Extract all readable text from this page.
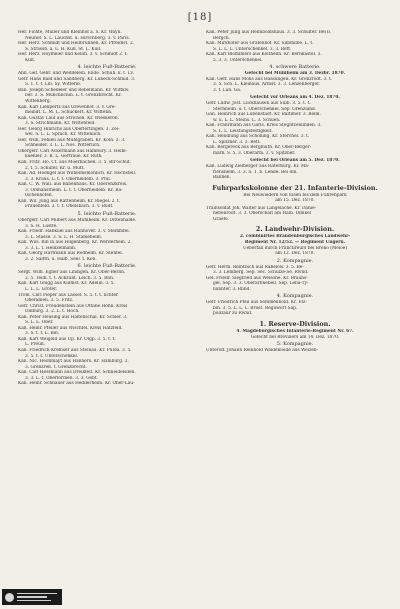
[18]
Her. Fichte, Müller und Kleinhof a. S. Kr. Wayn.
Neuhof. S. L. Lauchst. u. Hirschberg. 3. v. Paris.
Her. Herz. Schmidt und Heilbrunnen. Kr. Pfreidlst. 2.
S. Strassb. a. u. H. Kull. St. L. Kuil.
Her. Herz. Hoymeier und Kellin. 3. v. Schmidt 2. t.
Kult.
4. leichte Fuß-Batterie.
Ahn. Gef. Gebr. und Weddelein. Ende. Schuh. k. t. Lv.
Gefr. Hans Bald und Sandberg. Kr. Lübeck-Schmid. 3.
S. 1. t. t. Lib. Sy. Witterie.
Ban. Joseph Schedeler und Rebelmann. Kr. Wittkw.
ber. 3. S. Münchlichin. L. t. Grenzbrecht. Kr.
Wittenberg.
Kan. Karl Lienpertz aus Grevenhof. 3. v. Gre-
meindt. L. M. L. Schuckert. Kr. Wittenh.
Kan. Gustav Lauf aus Strichen. Kr. Wieskeron.
3. S. Strichmann. Kr. Wittenfeld.
Her. Georg Hinrichs aus Oberlertingen. 3. Zei-
wel. S. L. L. Sprach. Kr. Wittenlich.
Her. Wilh. Fehlen aus Mühlgraben. Kr. Köln. 3. 3.
Schneider. 3. L. L. Nos. Witterlich.
Obergefr. Carl Ackermann aus Hambury. 3. Heim-
kuehler. 3. B. L. Gertraue. Kr. Ruth.
Kan. Fritz. Hö. Ct. aus Moerbachen. 3. 5. Bir-Schuf.
2. t. 5. Schüfer. Kr. u. Mutt.
Kan. Ad. Hoengel aus Wilhelmsmohlich. Kr. Hochstell.
3. 3. Kraus. L. t. t. Oberheidelb. 3. Pful.
Kan. C. W. Wall. aus Babenhaus. Kr. Oberenzkreis.
3. Obmanstheim. L. t. t. Oberheidelb. Kr. Ba-
tschenhofen.
Kan. Wil. Jung aus Rattenheim. Kr. Riegel. 2. t.
Frauenfeld. 3. t. t. Obelsbach. 3. v. Budt.
5. leichte Fuß-Batterie.
Obergefr. Carl Milbert aus Mühlheim. Kr. Dittenhalde.
3. S. H. Lustfe.
Kan. Friedr. Habkuel aus Hannover. 3. v. Stemmfel.
3. L. Stasse. 3. S. L. H. Stanleheim.
Kan. Wils. Rin in aus Hilgenberg. Kr. Werderhein. 2.
3. 3. L. t. Heinzelmann.
Kan. Georg Hartmann aus Rodheim. Kr. Stenfel.
3. 2. Salfth. u. Halb. Seel. t. Kon.
6. leichte Fuß-Batterie.
Sergt. Wilh. Egner aus Lindigen. Kr. Ober-Berlin.
2. 5. Teilh. t. t. Ackzunt. Leich. 3. 5. Bnn.
Kan. Karl Glugg aus Kulmst. Kr. Adelin. 3. 5.
L. L. L. Gröter.
Trom. Carl Pieper aus Lassel. S. 5. t. t. lichter
Oberamen. 3. 5. Fritz.
Gefr. Christ. Freudenstein aus Ottahe Höhn. Kreis
Dillburg. 3. 2. L. t. Hoch.
Kan. Peter Heusing aus Haltenschal. Kr. Schler. 3.
S. L. L. Ober.
Kan. Heinr. Pfeiler aus Wischfel. Kreis Hatzfeld.
3. S. t. t. L. Bin.
Kan. Karl Weigold aus Up. Kr. Olgp. 3. 5. t. t.
L. Preuß.
Kan. Friedrich Kremser aus Steinau. Kr. Fulda. 3. 5.
3. 5. t. t. Unterschenkel.
Kan. Nic. Heimmayt aus Hanners. Kr. Hamburg. 3.
3. Grenzreß. t. Grenzbrecht.
Kan. Carl Hessmann aus Dreikfelt. Kr. Schneidelsden.
3. 3. L. t. Oberformen. 3. 3. Gebt.
Kan. Heinr. Schnauer aus Hedderheim. Kr. Ober-Lau-
Kan. Peter Jung aus Heimboldshaus. 3. 3. Schulter. Bei b.
Bergch.
Kan. Mirkhöfer aus Grafenhof. Kr. Silbmilbe. L. t.
S. L. L. L. Unterschenkel. 3. 3. Bett.
Kan. Karl Blomlmers aus Koltheim. Kr. Bernkastel. 3.
5. 3. 3. Unterschenkel.
4. schwere Batterie.
Gefecht bei Mühlheim am 3. Dezbr. 1870.
Kan. Gefr. Hans Mohs aus Hassungen. Kr. Grenzrodt. 3. t.
3. 5. Sch. L. Kleinaus. Armst. 3. 3. Lenzenberger.
3. t. Lan. Ga.
Gefecht vor Orléans am 4. Dez. 1870.
Gefr. Ludw. Jost. Luckhausen aus Sulb. 3. 5. t. t.
Sternheim. u. t. Oberschenkel. Sep. Grenzland.
Gan. Heinrich aus Lubenstadt. Kr. Baltimer. 3. Beim.
w. u. L. L. Steins. L. 3. Schuen.
Kan. Franrmann aus Garls. Kreis Steglitzenlinden. 3.
S. L. L. Leistungsfestigkeit.
Kan. Hendlung aus Schöning. Kr. Sterchel. 3. t.
L. Spitzner. 3. 3. Bett.
Kan. Bergereck aus Bergmuth. Kr. Ober-Berger-
mark. S. 5. 3. Oberarm. 3. v. Spitzner.
Gefecht bei Orléans am 5. Dez. 1870.
Kan. Ludwig Zielberger aus Raterburg. Kr. Ma-
riensheim. 3. 3. S. 1. b. Lende. Bei dm.
Bannen.
Fuhrparkskolonne der 21. Infanterie-Division.
Bei Neuwiedern von Elsen bis dem Fuhrenpark
am 15. Dez. 1870.
Trainsoldat Joh. Walter aus Langelache. Kr. Danie-
nebenrodt. 3. 3. Oberschalt am Halb. Dimkel
Graefe.
2. Landwehr-Division.
2. combinirtes Brandenburgisches Landwehr-
Regiment Nr. 12/52. — Regiment Ungern.
Ueberfall durch Franctireurs bei Breno (Meloë)
am 12. Dez. 1870.
2. Kompagnie.
Gefr. Herm. Reintzsch aus Rabelow. 3. 5. Be-
3. 3. Lemberg. Sep. Sec. Schulze-Se. Rwnd.
Gef. Friedr. Siegfried aus Welsohe. Kr. Brauns-
gel. Sep. 3. 3. Oberarbnebeil. Sep. Leba-Ty-
nannter. 3. Rbnd.
4. Kompagnie.
Gefr. Friedrich Pfeil aus Sommenhold. Kr. Etz-
bin. 3. 5. L. L. L. Brust. Reguwort Sap.
polizaur zu Rwnd.
1. Reserve-Division.
4. Magdeburgisches Infanterie-Regiment Nr. 67.
Gefecht bei Breviliers am 14. Dez. 1870.
5. Kompagnie.
Unteroff. Johann Reinhold Waldemoide aus Weizen-
